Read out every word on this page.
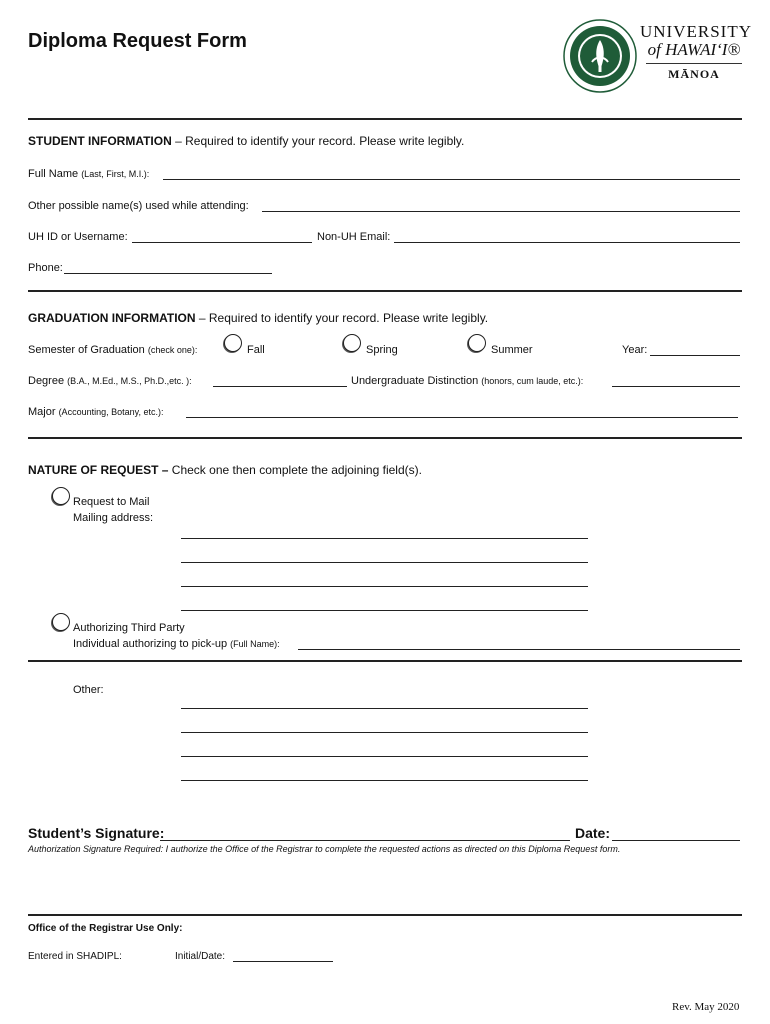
Diploma Request Form	UNIVERSITY
of HAWAIʻI®
MĀNOA
STUDENT INFORMATION – Required to identify your record. Please write legibly.
Full Name (Last, First, M.I.):
Other possible name(s) used while attending:
UH ID or Username:	Non-UH Email:
Phone:
GRADUATION INFORMATION – Required to identify your record. Please write legibly.
Semester of Graduation (check one):	Fall	Spring	Summer	Year:
Degree (B.A., M.Ed., M.S., Ph.D.,etc. ):	Undergraduate Distinction (honors, cum laude, etc.):
Major (Accounting, Botany, etc.):
NATURE OF REQUEST – Check one then complete the adjoining field(s).
Request to Mail
Mailing address:
Authorizing Third Party
Individual authorizing to pick-up (Full Name):
Other:
Student’s Signature:	Date:
Authorization Signature Required: I authorize the Office of the Registrar to complete the requested actions as directed on this Diploma Request form.
Office of the Registrar Use Only:
Entered in SHADIPL:	Initial/Date:
Rev. May 2020
